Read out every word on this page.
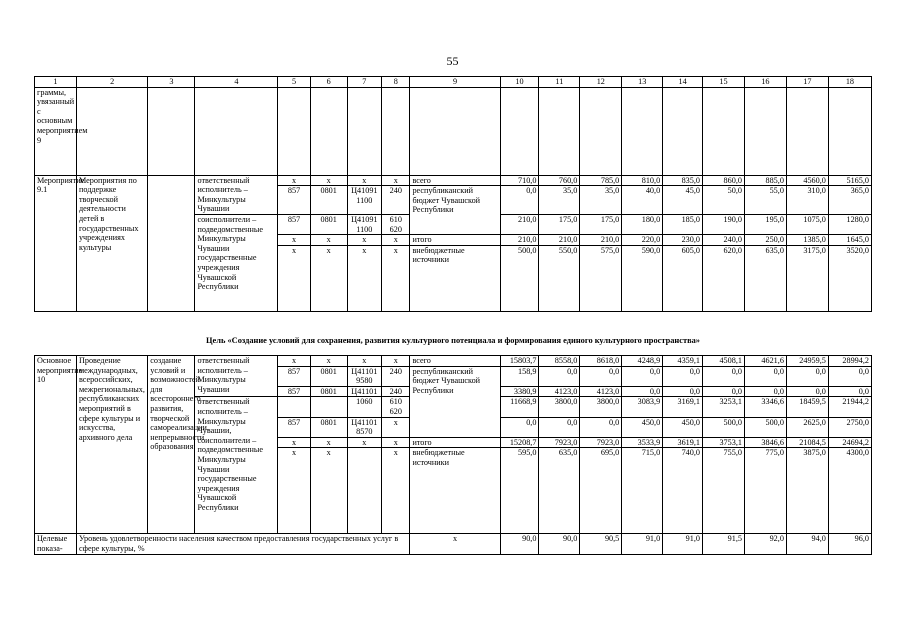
55
1	2	3	4	5	6	7	8	9	10	11	12	13	14	15	16	17	18
граммы, увязанный с основным мероприятием 9																	
Мероприятие 9.1	Мероприятия по поддержке творческой деятельности детей в государственных учреждениях культуры		ответственный исполнитель – Минкультуры Чувашии	x	x	x	x	всего	710,0	760,0	785,0	810,0	835,0	860,0	885,0	4560,0	5165,0
				857	0801	Ц41091 1100	240	республиканский бюджет Чувашской Республики	0,0	35,0	35,0	40,0	45,0	50,0	55,0	310,0	365,0
			соисполнители – подведомственные Минкультуры Чувашии государственные учреждения Чувашской Республики	857	0801	Ц41091 1100	610 620		210,0	175,0	175,0	180,0	185,0	190,0	195,0	1075,0	1280,0
				x	x	x	x	итого	210,0	210,0	210,0	220,0	230,0	240,0	250,0	1385,0	1645,0
				x	x	x	x	внебюджетные источники	500,0	550,0	575,0	590,0	605,0	620,0	635,0	3175,0	3520,0
Цель «Создание условий для сохранения, развития культурного потенциала и формирования единого культурного пространства»
Основное мероприятие 10	Проведение международных, всероссийских, межрегиональных, республиканских мероприятий в сфере культуры и искусства, архивного дела	создание условий и возможностей для всестороннего развития, творческой самореализации, непрерывности образования	ответственный исполнитель – Минкультуры Чувашии	x	x	x	x	всего	15803,7	8558,0	8618,0	4248,9	4359,1	4508,1	4621,6	24959,5	28994,2
				857	0801	Ц41101 9580	240	республиканский бюджет Чувашской Республики	158,9	0,0	0,0	0,0	0,0	0,0	0,0	0,0	0,0
				857	0801	Ц41101	240		3380,9	4123,0	4123,0	0,0	0,0	0,0	0,0	0,0	0,0
			ответственный исполнитель – Минкультуры Чувашии, соисполнители – подведомственные Минкультуры Чувашии государственные учреждения Чувашской Республики			1060	610 620		11668,9	3800,0	3800,0	3083,9	3169,1	3253,1	3346,6	18459,5	21944,2
				857	0801	Ц41101 8570	x		0,0	0,0	0,0	450,0	450,0	500,0	500,0	2625,0	2750,0
				x	x	x	x	итого	15208,7	7923,0	7923,0	3533,9	3619,1	3753,1	3846,6	21084,5	24694,2
				x	x		x	внебюджетные источники	595,0	635,0	695,0	715,0	740,0	755,0	775,0	3875,0	4300,0
Целевые показа-	Уровень удовлетворенности населения качеством предоставления государственных услуг в сфере культуры, %							x	90,0	90,0	90,5	91,0	91,0	91,5	92,0	94,0	96,0
